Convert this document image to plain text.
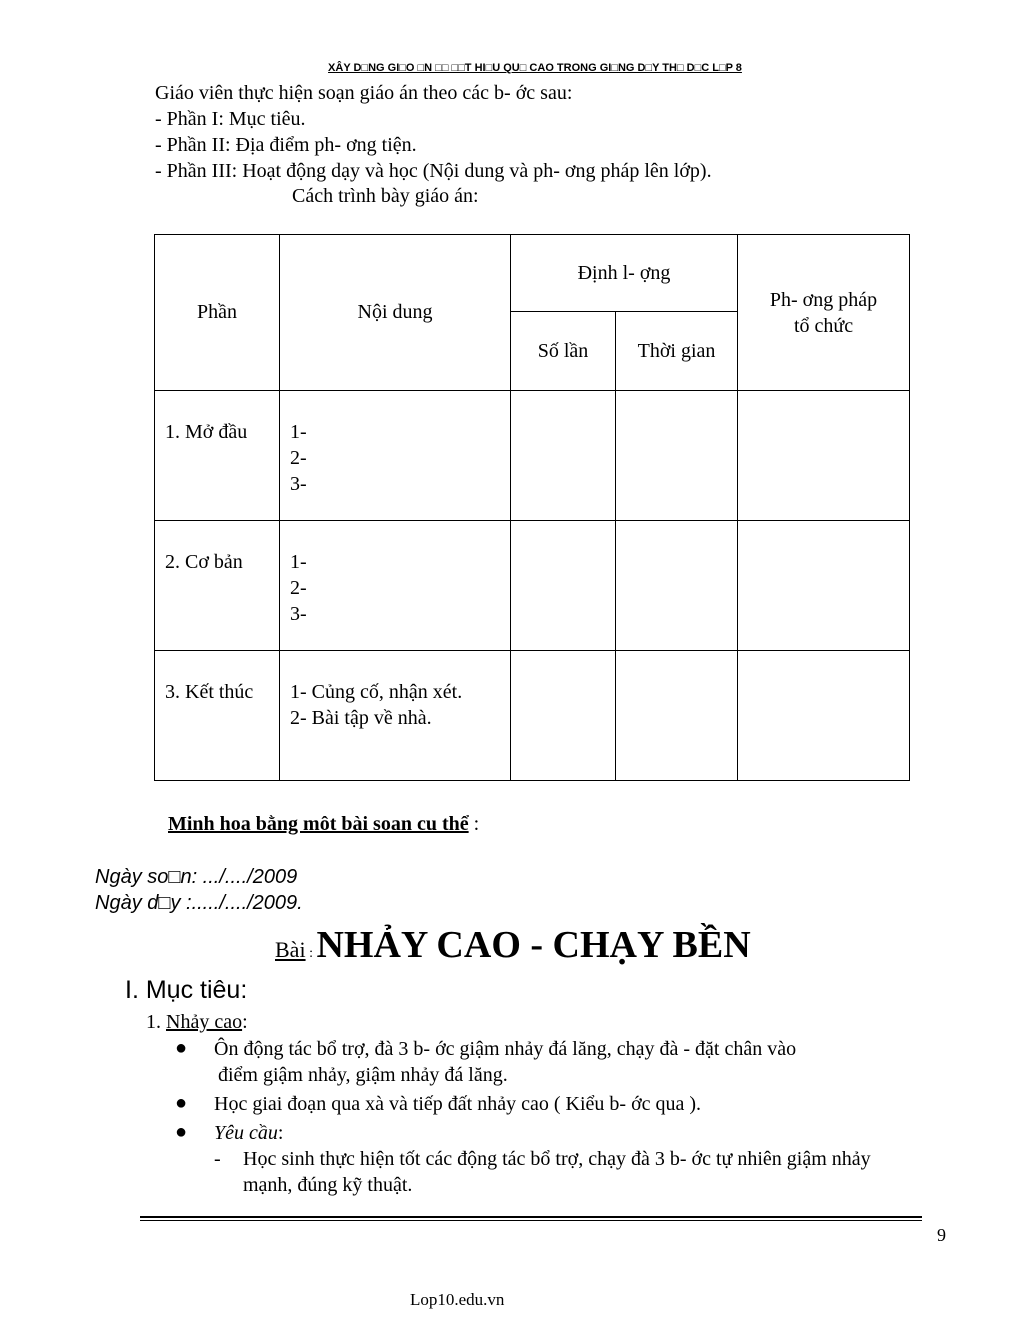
XÂY D□NG GI□O □N □□ □□T HI□U QU□ CAO TRONG GI□NG D□Y TH□ D□C L□P 8
Giáo viên thực hiện soạn giáo án theo các b- ớc sau:
- Phần I: Mục tiêu.
- Phần II: Địa điểm ph- ơng tiện.
- Phần III: Hoạt động dạy và học (Nội dung và ph- ơng pháp lên lớp).
Cách trình bày giáo án:
Phần	Nội dung	Định l- ợng		Ph- ơng pháp
tổ chức

		Số lần	Thời gian	
1. Mở đầu	1-
2-
3-			

2. Cơ bản	1-
2-
3-			

3. Kết thúc	1- Củng cố, nhận xét.
2- Bài tập về nhà.			

Minh hoa bằng môt bài soan cu thể :
Ngày so□n: .../..../2009
Ngày d□y :...../..../2009.
Bài : NHẢY CAO - CHẠY BỀN
I. Mục tiêu:
1. Nhảy cao:
● Ôn động tác bổ trợ, đà 3 b- ớc giậm nhảy đá lăng, chạy đà - đặt chân vào
điểm giậm nhảy, giậm nhảy đá lăng.
● Học giai đoạn qua xà và tiếp đất nhảy cao ( Kiểu b- ớc qua ).
● Yêu cầu:
- Học sinh thực hiện tốt các động tác bổ trợ, chạy đà 3 b- ớc tự nhiên giậm nhảy
mạnh, đúng kỹ thuật.
9
Lop10.edu.vn
